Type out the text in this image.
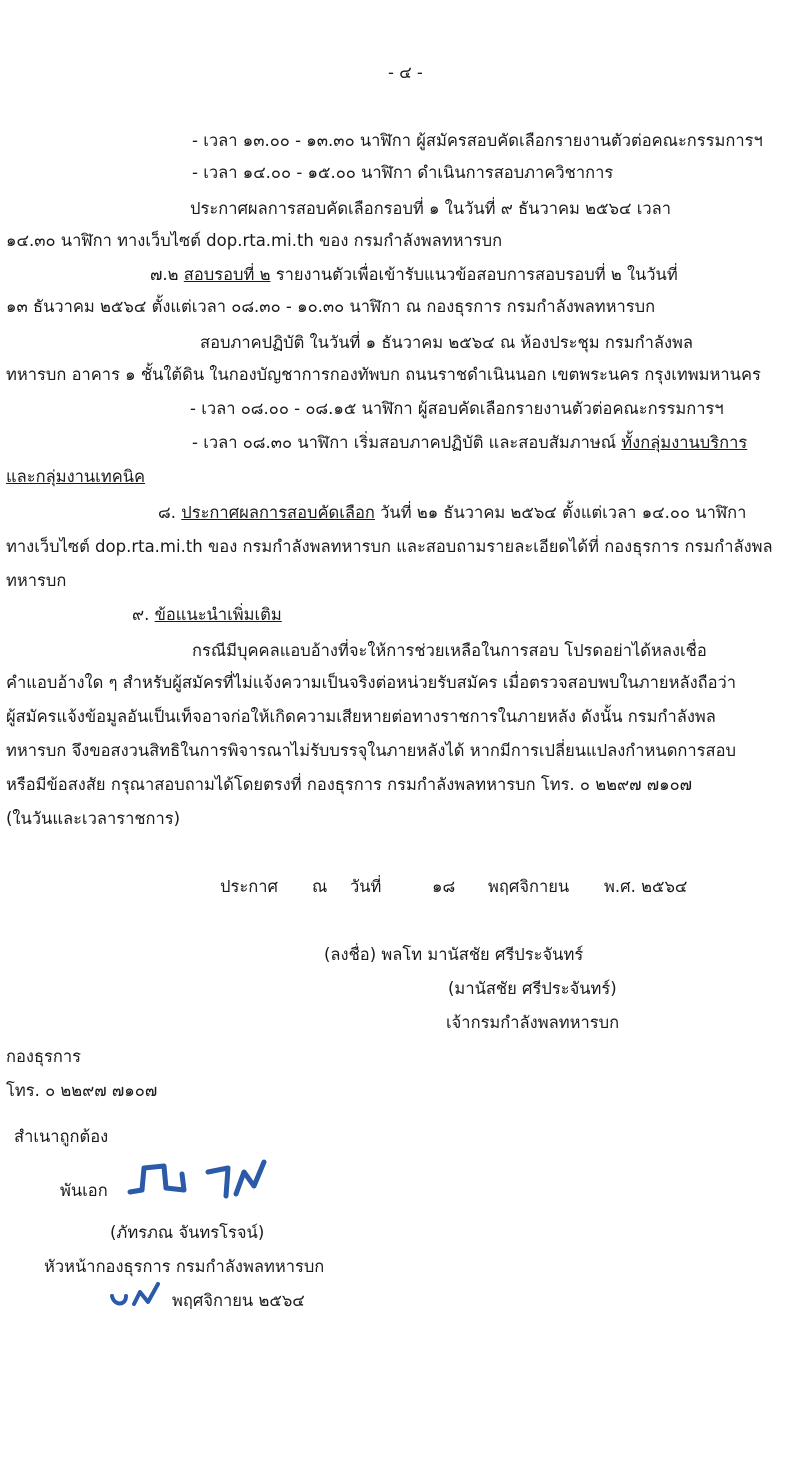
- ๔ -
- เวลา ๑๓.๐๐ - ๑๓.๓๐ นาฬิกา ผู้สมัครสอบคัดเลือกรายงานตัวต่อคณะกรรมการฯ
- เวลา ๑๔.๐๐ - ๑๕.๐๐ นาฬิกา ดำเนินการสอบภาควิชาการ
ประกาศผลการสอบคัดเลือกรอบที่ ๑ ในวันที่ ๙ ธันวาคม ๒๕๖๔ เวลา
๑๔.๓๐ นาฬิกา ทางเว็บไซต์ dop.rta.mi.th ของ กรมกำลังพลทหารบก
๗.๒ สอบรอบที่ ๒ รายงานตัวเพื่อเข้ารับแนวข้อสอบการสอบรอบที่ ๒ ในวันที่
๑๓ ธันวาคม ๒๕๖๔ ตั้งแต่เวลา ๐๘.๓๐ - ๑๐.๓๐ นาฬิกา ณ กองธุรการ กรมกำลังพลทหารบก
สอบภาคปฏิบัติ ในวันที่ ๑ ธันวาคม ๒๕๖๔ ณ ห้องประชุม กรมกำลังพล
ทหารบก อาคาร ๑ ชั้นใต้ดิน ในกองบัญชาการกองทัพบก ถนนราชดำเนินนอก เขตพระนคร กรุงเทพมหานคร
- เวลา ๐๘.๐๐ - ๐๘.๑๕ นาฬิกา ผู้สอบคัดเลือกรายงานตัวต่อคณะกรรมการฯ
- เวลา ๐๘.๓๐ นาฬิกา เริ่มสอบภาคปฏิบัติ และสอบสัมภาษณ์ ทั้งกลุ่มงานบริการ
และกลุ่มงานเทคนิค
๘. ประกาศผลการสอบคัดเลือก วันที่ ๒๑ ธันวาคม ๒๕๖๔ ตั้งแต่เวลา ๑๔.๐๐ นาฬิกา
ทางเว็บไซต์ dop.rta.mi.th ของ กรมกำลังพลทหารบก และสอบถามรายละเอียดได้ที่ กองธุรการ กรมกำลังพล
ทหารบก
๙. ข้อแนะนำเพิ่มเติม
กรณีมีบุคคลแอบอ้างที่จะให้การช่วยเหลือในการสอบ โปรดอย่าได้หลงเชื่อ
คำแอบอ้างใด ๆ สำหรับผู้สมัครที่ไม่แจ้งความเป็นจริงต่อหน่วยรับสมัคร เมื่อตรวจสอบพบในภายหลังถือว่า
ผู้สมัครแจ้งข้อมูลอันเป็นเท็จอาจก่อให้เกิดความเสียหายต่อทางราชการในภายหลัง ดังนั้น กรมกำลังพล
ทหารบก จึงขอสงวนสิทธิในการพิจารณาไม่รับบรรจุในภายหลังได้ หากมีการเปลี่ยนแปลงกำหนดการสอบ
หรือมีข้อสงสัย กรุณาสอบถามได้โดยตรงที่ กองธุรการ กรมกำลังพลทหารบก โทร. ๐ ๒๒๙๗ ๗๑๐๗
(ในวันและเวลาราชการ)
ประกาศ ณ วันที่	๑๘ พฤศจิกายน พ.ศ. ๒๕๖๔
(ลงชื่อ) พลโท มานัสชัย ศรีประจันทร์
(มานัสชัย ศรีประจันทร์)
เจ้ากรมกำลังพลทหารบก
กองธุรการ
โทร. ๐ ๒๒๙๗ ๗๑๐๗
สำเนาถูกต้อง
พันเอก
(ภัทรภณ จันทรโรจน์)
หัวหน้ากองธุรการ กรมกำลังพลทหารบก
พฤศจิกายน ๒๕๖๔
